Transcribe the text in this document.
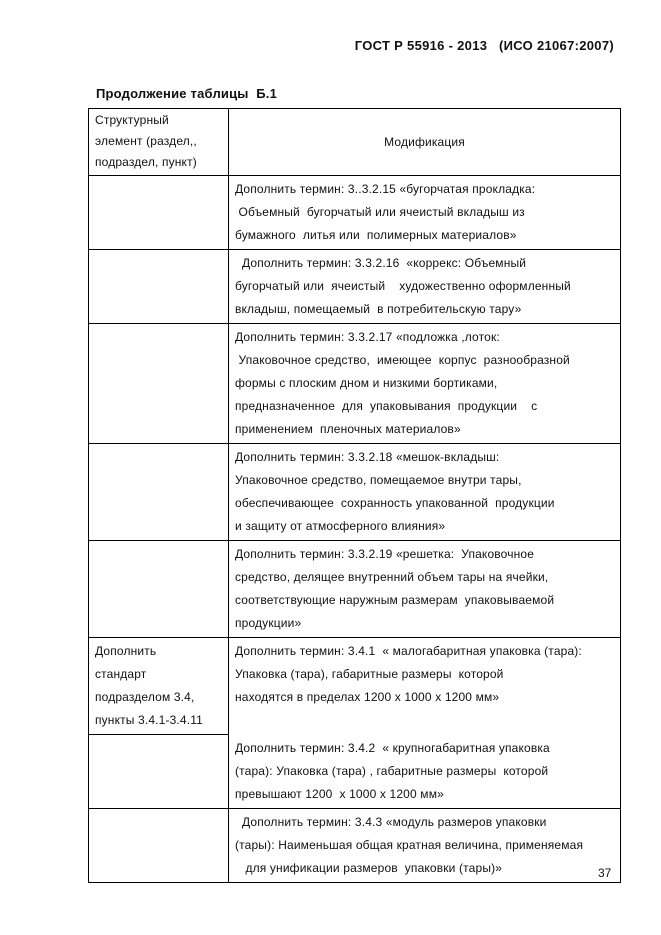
ГОСТ Р 55916 - 2013   (ИСО 21067:2007)
Продолжение таблицы  Б.1
Структурный
элемент (раздел,,
подраздел, пункт)	Модификация

	Дополнить термин: 3..3.2.15 «бугорчатая прокладка:
Объемный  бугорчатый или ячеистый вкладыш из
бумажного  литья или  полимерных материалов»

	Дополнить термин: 3.3.2.16  «коррекс: Объемный
бугорчатый или  ячеистый    художественно оформленный
вкладыш, помещаемый  в потребительскую тару»

	Дополнить термин: 3.3.2.17 «подложка ,лоток:
Упаковочное средство,  имеющее  корпус  разнообразной
формы с плоским дном и низкими бортиками,
предназначенное  для  упаковывания  продукции    с
применением  пленочных материалов»

	Дополнить термин: 3.3.2.18 «мешок-вкладыш:
Упаковочное средство, помещаемое внутри тары,
обеспечивающее  сохранность упакованной  продукции
и защиту от атмосферного влияния»

	Дополнить термин: 3.3.2.19 «решетка:  Упаковочное
средство, делящее внутренний объем тары на ячейки,
соответствующие наружным размерам  упаковываемой
продукции»

Дополнить
стандарт
подразделом 3.4,
пункты 3.4.1-3.4.11	Дополнить термин: 3.4.1  « малогабаритная упаковка (тара):
Упаковка (тара), габаритные размеры  которой
находятся в пределах 1200 х 1000 х 1200 мм»

	Дополнить термин: 3.4.2  « крупногабаритная упаковка
(тара): Упаковка (тара) , габаритные размеры  которой
превышают 1200  х 1000 х 1200 мм»

	Дополнить термин: 3.4.3 «модуль размеров упаковки
(тары): Наименьшая общая кратная величина, применяемая
для унификации размеров  упаковки (тары)»	37
